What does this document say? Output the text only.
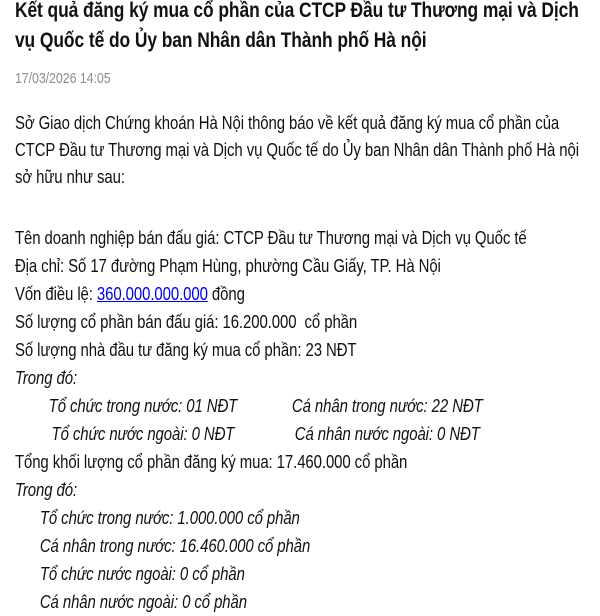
Kết quả đăng ký mua cổ phần của CTCP Đầu tư Thương mại và Dịch vụ Quốc tế do Ủy ban Nhân dân Thành phố Hà nội
17/03/2026 14:05

Sở Giao dịch Chứng khoán Hà Nội thông báo về kết quả đăng ký mua cổ phần của CTCP Đầu tư Thương mại và Dịch vụ Quốc tế do Ủy ban Nhân dân Thành phố Hà nội sở hữu như sau:

Tên doanh nghiệp bán đấu giá: CTCP Đầu tư Thương mại và Dịch vụ Quốc tế
Địa chỉ: Số 17 đường Phạm Hùng, phường Cầu Giấy, TP. Hà Nội
Vốn điều lệ: 360.000.000.000 đồng
Số lượng cổ phần bán đấu giá: 16.200.000  cổ phần
Số lượng nhà đầu tư đăng ký mua cổ phần: 23 NĐT
Trong đó:
Tổ chức trong nước: 01 NĐT	Cá nhân trong nước: 22 NĐT
Tổ chức nước ngoài: 0 NĐT	Cá nhân nước ngoài: 0 NĐT
Tổng khối lượng cổ phần đăng ký mua: 17.460.000 cổ phần
Trong đó:
Tổ chức trong nước: 1.000.000 cổ phần
Cá nhân trong nước: 16.460.000 cổ phần
Tổ chức nước ngoài: 0 cổ phần
Cá nhân nước ngoài: 0 cổ phần
